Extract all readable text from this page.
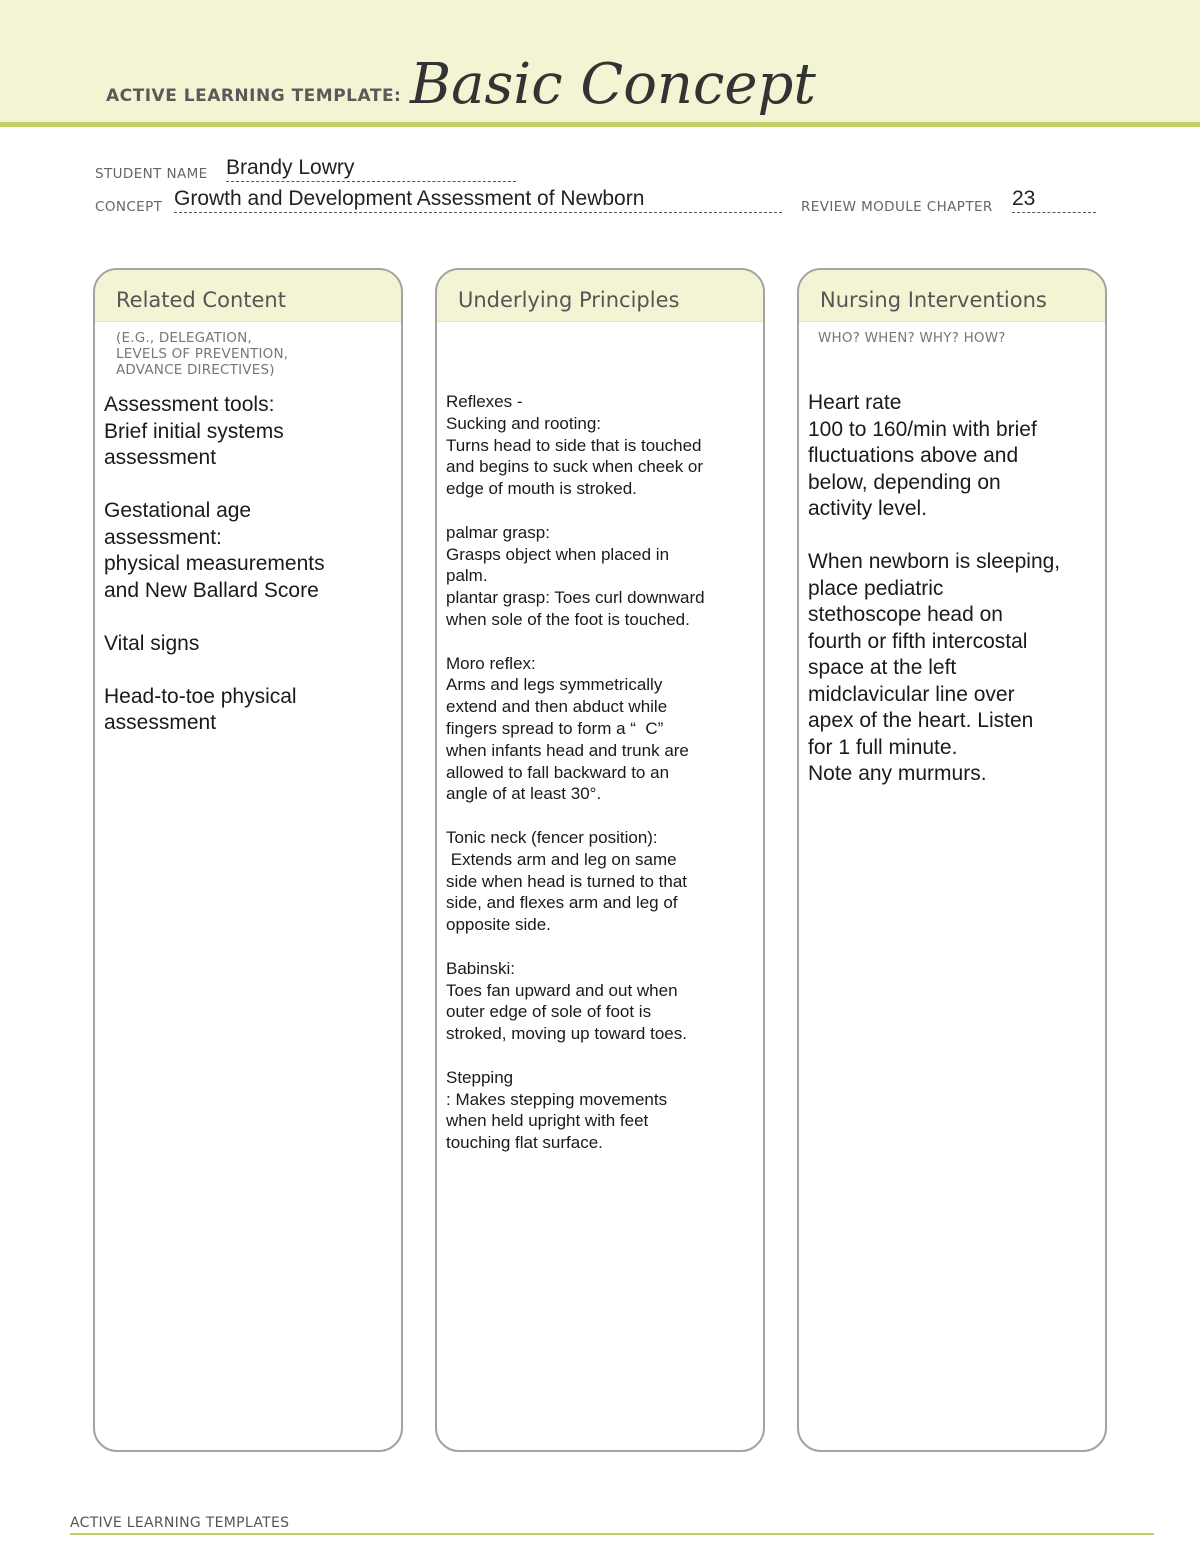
ACTIVE LEARNING TEMPLATE: Basic Concept
STUDENT NAME Brandy Lowry
CONCEPT Growth and Development Assessment of Newborn	REVIEW MODULE CHAPTER 23
Related Content
(E.G., DELEGATION,
LEVELS OF PREVENTION,
ADVANCE DIRECTIVES)
Assessment tools:
Brief initial systems
assessment

Gestational age
assessment:
physical measurements
and New Ballard Score

Vital signs

Head-to-toe physical
assessment
Underlying Principles
Reflexes -
Sucking and rooting:
Turns head to side that is touched
and begins to suck when cheek or
edge of mouth is stroked.

palmar grasp:
Grasps object when placed in
palm.
plantar grasp: Toes curl downward
when sole of the foot is touched.

Moro reflex:
Arms and legs symmetrically
extend and then abduct while
fingers spread to form a “  C”
when infants head and trunk are
allowed to fall backward to an
angle of at least 30°.

Tonic neck (fencer position):
Extends arm and leg on same
side when head is turned to that
side, and flexes arm and leg of
opposite side.

Babinski:
Toes fan upward and out when
outer edge of sole of foot is
stroked, moving up toward toes.

Stepping
: Makes stepping movements
when held upright with feet
touching flat surface.
Nursing Interventions
WHO? WHEN? WHY? HOW?
Heart rate
100 to 160/min with brief
fluctuations above and
below, depending on
activity level.

When newborn is sleeping,
place pediatric
stethoscope head on
fourth or fifth intercostal
space at the left
midclavicular line over
apex of the heart. Listen
for 1 full minute.
Note any murmurs.
ACTIVE LEARNING TEMPLATES
